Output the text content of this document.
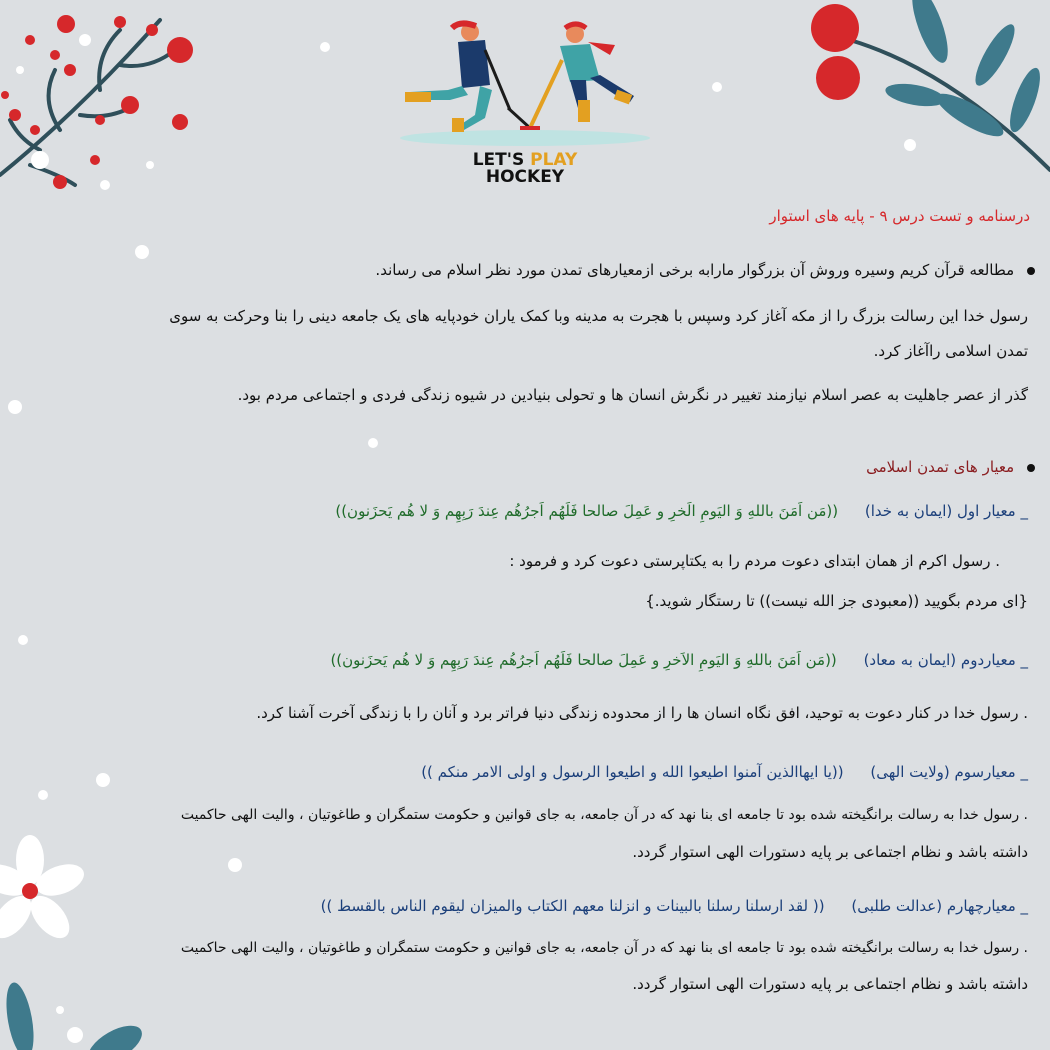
LET'S PLAY
HOCKEY
درسنامه و تست درس ۹ - پایه های استوار
مطالعه قرآن کریم وسیره وروش آن بزرگوار مارابه برخی ازمعیارهای تمدن مورد نظر اسلام می رساند.
رسول خدا این رسالت بزرگ را از مکه آغاز کرد وسپس با هجرت به مدینه وبا کمک یاران خودپایه های یک جامعه دینی را بنا وحرکت به سوی
تمدن اسلامی راآغاز کرد.
گذر از عصر جاهلیت به عصر اسلام نیازمند تغییر در نگرش انسان ها و تحولی بنیادین در شیوه زندگی فردی و اجتماعی مردم بود.
معیار های تمدن اسلامی
_ معیار اول (ایمان به خدا) ((مَن اَمَنَ باللهِ وَ الیَومِ الَخرِ و عَمِلَ صالحا فَلَهُم اَجرُهُم عِندَ رَبِهِم وَ لا هُم یَحزَنون))
. رسول اکرم از همان ابتدای دعوت مردم را به یکتاپرستی دعوت کرد و فرمود :
{ای مردم بگویید ((معبودی جز الله نیست)) تا رستگار شوید.}
_ معیاردوم (ایمان به معاد) ((مَن اَمَنَ باللهِ وَ الیَومِ الاَخرِ و عَمِلَ صالحا فَلَهُم اَجرُهُم عِندَ رَبِهِم وَ لا هُم یَحزَنون))
. رسول خدا در کنار دعوت به توحید، افق نگاه انسان ها را از محدوده زندگی دنیا فراتر برد و آنان را با زندگی آخرت آشنا کرد.
_ معیارسوم (ولایت الهی) ((یا ایهاالذین آمنوا اطیعوا الله و اطیعوا الرسول و اولی الامر منکم ))
. رسول خدا به رسالت برانگیخته شده بود تا جامعه ای بنا نهد که در آن جامعه، به جای قوانین و حکومت ستمگران و طاغوتیان ، والیت الهی حاکمیت
داشته باشد و نظام اجتماعی بر پایه دستورات الهی استوار گردد.
_ معیارچهارم (عدالت طلبی) (( لقد ارسلنا رسلنا بالبینات و انزلنا معهم الکتاب والمیزان لیقوم الناس بالقسط ))
. رسول خدا به رسالت برانگیخته شده بود تا جامعه ای بنا نهد که در آن جامعه، به جای قوانین و حکومت ستمگران و طاغوتیان ، والیت الهی حاکمیت
داشته باشد و نظام اجتماعی بر پایه دستورات الهی استوار گردد.
